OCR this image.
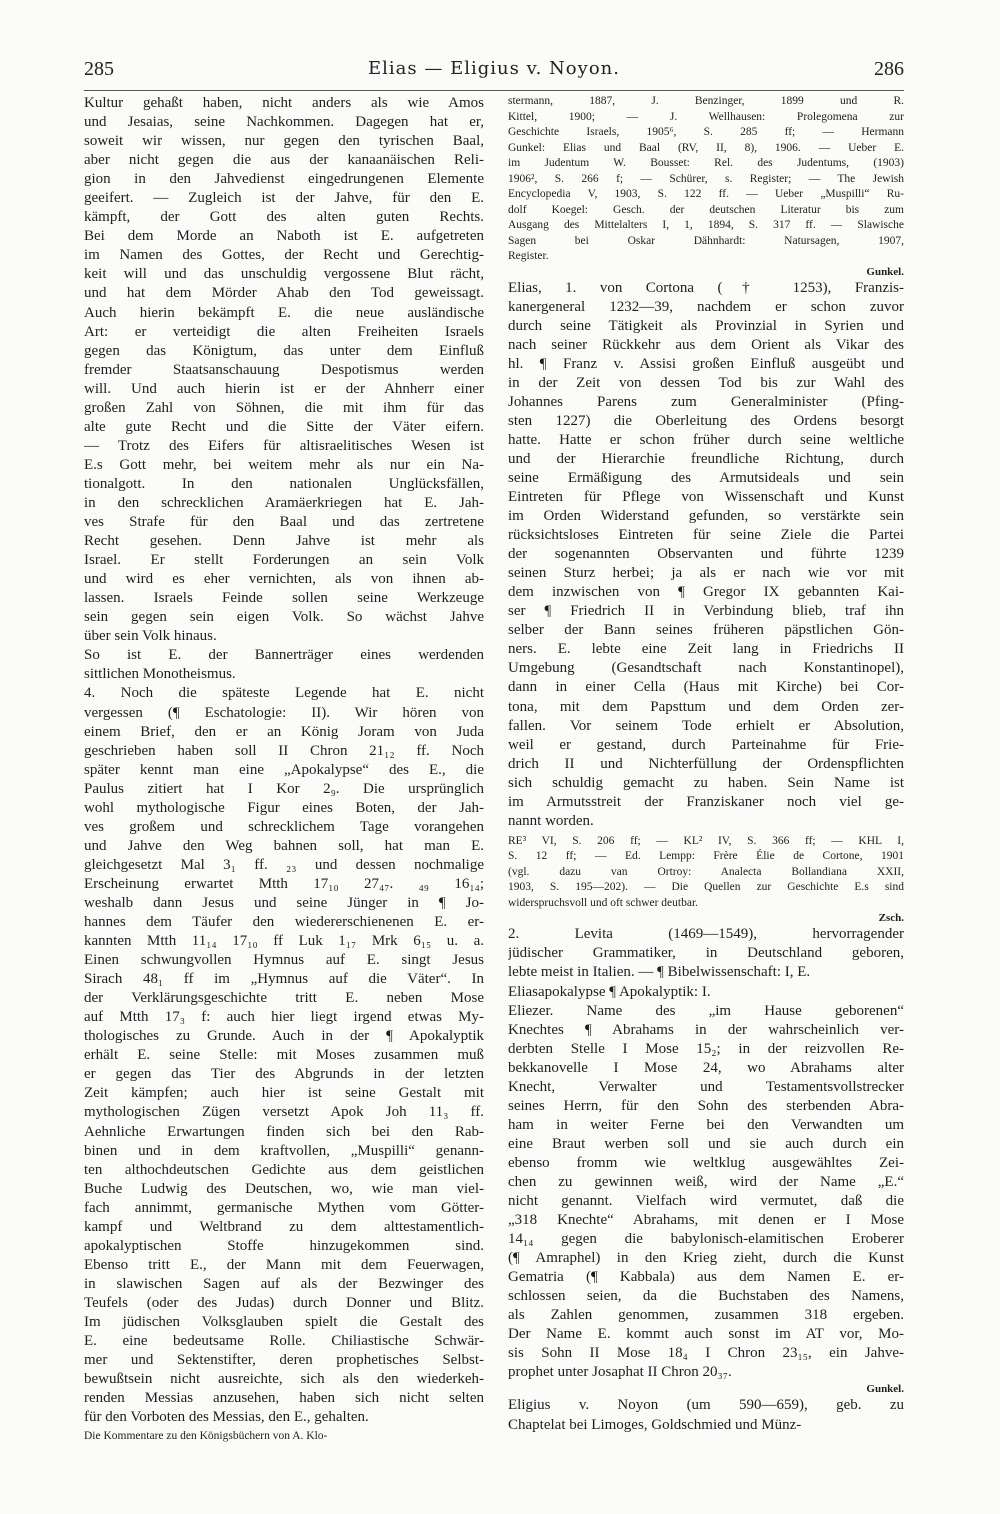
285	Elias — Eligius v. Noyon.	286
Kultur gehaßt haben, nicht anders als wie Amos
und Jesaias, seine Nachkommen. Dagegen hat er,
soweit wir wissen, nur gegen den tyrischen Baal,
aber nicht gegen die aus der kanaanäischen Reli-
gion in den Jahvedienst eingedrungenen Elemente
geeifert. — Zugleich ist der Jahve, für den E.
kämpft, der Gott des alten guten Rechts.
Bei dem Morde an Naboth ist E. aufgetreten
im Namen des Gottes, der Recht und Gerechtig-
keit will und das unschuldig vergossene Blut rächt,
und hat dem Mörder Ahab den Tod geweissagt.
Auch hierin bekämpft E. die neue ausländische
Art: er verteidigt die alten Freiheiten Israels
gegen das Königtum, das unter dem Einfluß
fremder Staatsanschauung Despotismus werden
will. Und auch hierin ist er der Ahnherr einer
großen Zahl von Söhnen, die mit ihm für das
alte gute Recht und die Sitte der Väter eifern.
— Trotz des Eifers für altisraelitisches Wesen ist
E.s Gott mehr, bei weitem mehr als nur ein Na-
tionalgott. In den nationalen Unglücksfällen,
in den schrecklichen Aramäerkriegen hat E. Jah-
ves Strafe für den Baal und das zertretene
Recht gesehen. Denn Jahve ist mehr als
Israel. Er stellt Forderungen an sein Volk
und wird es eher vernichten, als von ihnen ab-
lassen. Israels Feinde sollen seine Werkzeuge
sein gegen sein eigen Volk. So wächst Jahve
über sein Volk hinaus.
So ist E. der Bannerträger eines werdenden
sittlichen Monotheismus.
4. Noch die späteste Legende hat E. nicht
vergessen (¶ Eschatologie: II). Wir hören von
einem Brief, den er an König Joram von Juda
geschrieben haben soll II Chron 21₁₂ ff. Noch
später kennt man eine „Apokalypse“ des E., die
Paulus zitiert hat I Kor 2₉. Die ursprünglich
wohl mythologische Figur eines Boten, der Jah-
ves großem und schrecklichem Tage vorangehen
und Jahve den Weg bahnen soll, hat man E.
gleichgesetzt Mal 3₁ ff. ₂₃ und dessen nochmalige
Erscheinung erwartet Mtth 17₁₀ 27₄₇. ₄₉ 16₁₄;
weshalb dann Jesus und seine Jünger in ¶ Jo-
hannes dem Täufer den wiedererschienenen E. er-
kannten Mtth 11₁₄ 17₁₀ ff Luk 1₁₇ Mrk 6₁₅ u. a.
Einen schwungvollen Hymnus auf E. singt Jesus
Sirach 48₁ ff im „Hymnus auf die Väter“. In
der Verklärungsgeschichte tritt E. neben Mose
auf Mtth 17₃ f: auch hier liegt irgend etwas My-
thologisches zu Grunde. Auch in der ¶ Apokalyptik
erhält E. seine Stelle: mit Moses zusammen muß
er gegen das Tier des Abgrunds in der letzten
Zeit kämpfen; auch hier ist seine Gestalt mit
mythologischen Zügen versetzt Apok Joh 11₃ ff.
Aehnliche Erwartungen finden sich bei den Rab-
binen und in dem kraftvollen, „Muspilli“ genann-
ten althochdeutschen Gedichte aus dem geistlichen
Buche Ludwig des Deutschen, wo, wie man viel-
fach annimmt, germanische Mythen vom Götter-
kampf und Weltbrand zu dem alttestamentlich-
apokalyptischen Stoffe hinzugekommen sind.
Ebenso tritt E., der Mann mit dem Feuerwagen,
in slawischen Sagen auf als der Bezwinger des
Teufels (oder des Judas) durch Donner und Blitz.
Im jüdischen Volksglauben spielt die Gestalt des
E. eine bedeutsame Rolle. Chiliastische Schwär-
mer und Sektenstifter, deren prophetisches Selbst-
bewußtsein nicht ausreichte, sich als den wiederkeh-
renden Messias anzusehen, haben sich nicht selten
für den Vorboten des Messias, den E., gehalten.
Die Kommentare zu den Königsbüchern von A. Klo-
stermann, 1887, J. Benzinger, 1899 und R.
Kittel, 1900; — J. Wellhausen: Prolegomena zur
Geschichte Israels, 1905⁶, S. 285 ff; — Hermann
Gunkel: Elias und Baal (RV, II, 8), 1906. — Ueber E.
im Judentum W. Bousset: Rel. des Judentums, (1903)
1906², S. 266 f; — Schürer, s. Register; — The Jewish
Encyclopedia V, 1903, S. 122 ff. — Ueber „Muspilli“ Ru-
dolf Koegel: Gesch. der deutschen Literatur bis zum
Ausgang des Mittelalters I, 1, 1894, S. 317 ff. — Slawische
Sagen bei Oskar Dähnhardt: Natursagen, 1907,
Register.
Gunkel.
Elias, 1. von Cortona († 1253), Franzis-
kanergeneral 1232—39, nachdem er schon zuvor
durch seine Tätigkeit als Provinzial in Syrien und
nach seiner Rückkehr aus dem Orient als Vikar des
hl. ¶ Franz v. Assisi großen Einfluß ausgeübt und
in der Zeit von dessen Tod bis zur Wahl des
Johannes Parens zum Generalminister (Pfing-
sten 1227) die Oberleitung des Ordens besorgt
hatte. Hatte er schon früher durch seine weltliche
und der Hierarchie freundliche Richtung, durch
seine Ermäßigung des Armutsideals und sein
Eintreten für Pflege von Wissenschaft und Kunst
im Orden Widerstand gefunden, so verstärkte sein
rücksichtsloses Eintreten für seine Ziele die Partei
der sogenannten Observanten und führte 1239
seinen Sturz herbei; ja als er nach wie vor mit
dem inzwischen von ¶ Gregor IX gebannten Kai-
ser ¶ Friedrich II in Verbindung blieb, traf ihn
selber der Bann seines früheren päpstlichen Gön-
ners. E. lebte eine Zeit lang in Friedrichs II
Umgebung (Gesandtschaft nach Konstantinopel),
dann in einer Cella (Haus mit Kirche) bei Cor-
tona, mit dem Papsttum und dem Orden zer-
fallen. Vor seinem Tode erhielt er Absolution,
weil er gestand, durch Parteinahme für Frie-
drich II und Nichterfüllung der Ordenspflichten
sich schuldig gemacht zu haben. Sein Name ist
im Armutsstreit der Franziskaner noch viel ge-
nannt worden.
RE³ VI, S. 206 ff; — KL² IV, S. 366 ff; — KHL I,
S. 12 ff; — Ed. Lempp: Frère Élie de Cortone, 1901
(vgl. dazu van Ortroy: Analecta Bollandiana XXII,
1903, S. 195—202). — Die Quellen zur Geschichte E.s sind
widerspruchsvoll und oft schwer deutbar.
Zsch.
2. Levita (1469—1549), hervorragender
jüdischer Grammatiker, in Deutschland geboren,
lebte meist in Italien. — ¶ Bibelwissenschaft: I, E.
Eliasapokalypse ¶ Apokalyptik: I.
Eliezer. Name des „im Hause geborenen“
Knechtes ¶ Abrahams in der wahrscheinlich ver-
derbten Stelle I Mose 15₂; in der reizvollen Re-
bekkanovelle I Mose 24, wo Abrahams alter
Knecht, Verwalter und Testamentsvollstrecker
seines Herrn, für den Sohn des sterbenden Abra-
ham in weiter Ferne bei den Verwandten um
eine Braut werben soll und sie auch durch ein
ebenso fromm wie weltklug ausgewähltes Zei-
chen zu gewinnen weiß, wird der Name „E.“
nicht genannt. Vielfach wird vermutet, daß die
„318 Knechte“ Abrahams, mit denen er I Mose
14₁₄ gegen die babylonisch-elamitischen Eroberer
(¶ Amraphel) in den Krieg zieht, durch die Kunst
Gematria (¶ Kabbala) aus dem Namen E. er-
schlossen seien, da die Buchstaben des Namens,
als Zahlen genommen, zusammen 318 ergeben.
Der Name E. kommt auch sonst im AT vor, Mo-
sis Sohn II Mose 18₄ I Chron 23₁₅, ein Jahve-
prophet unter Josaphat II Chron 20₃₇.
Gunkel.
Eligius v. Noyon (um 590—659), geb. zu
Chaptelat bei Limoges, Goldschmied und Münz-
